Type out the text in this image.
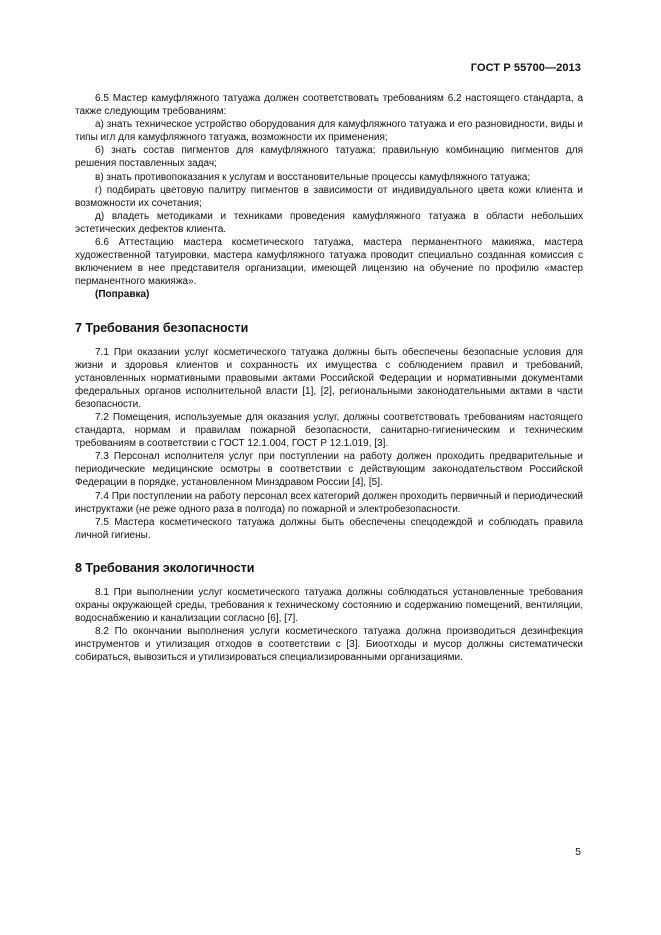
ГОСТ Р 55700—2013

6.5 Мастер камуфляжного татуажа должен соответствовать требованиям 6.2 настоящего стандарта, а также следующим требованиям:

а) знать техническое устройство оборудования для камуфляжного татуажа и его разновидности, виды и типы игл для камуфляжного татуажа, возможности их применения;

б) знать состав пигментов для камуфляжного татуажа; правильную комбинацию пигментов для решения поставленных задач;

в) знать противопоказания к услугам и восстановительные процессы камуфляжного татуажа;

г) подбирать цветовую палитру пигментов в зависимости от индивидуального цвета кожи клиента и возможности их сочетания;

д) владеть методиками и техниками проведения камуфляжного татуажа в области небольших эстетических дефектов клиента.

6.6 Аттестацию мастера косметического татуажа, мастера перманентного макияжа, мастера художественной татуировки, мастера камуфляжного татуажа проводит специально созданная комиссия с включением в нее представителя организации, имеющей лицензию на обучение по профилю «мастер перманентного макияжа».

(Поправка)

7 Требования безопасности

7.1 При оказании услуг косметического татуажа должны быть обеспечены безопасные условия для жизни и здоровья клиентов и сохранность их имущества с соблюдением правил и требований, установленных нормативными правовыми актами Российской Федерации и нормативными документами федеральных органов исполнительной власти [1], [2], региональными законодательными актами в части безопасности.

7.2 Помещения, используемые для оказания услуг, должны соответствовать требованиям настоящего стандарта, нормам и правилам пожарной безопасности, санитарно-гигиеническим и техническим требованиям в соответствии с ГОСТ 12.1.004, ГОСТ Р 12.1.019, [3].

7.3 Персонал исполнителя услуг при поступлении на работу должен проходить предварительные и периодические медицинские осмотры в соответствии с действующим законодательством Российской Федерации в порядке, установленном Минздравом России [4], [5].

7.4 При поступлении на работу персонал всех категорий должен проходить первичный и периодический инструктажи (не реже одного раза в полгода) по пожарной и электробезопасности.

7.5 Мастера косметического татуажа должны быть обеспечены спецодеждой и соблюдать правила личной гигиены.

8 Требования экологичности

8.1 При выполнении услуг косметического татуажа должны соблюдаться установленные требования охраны окружающей среды, требования к техническому состоянию и содержанию помещений, вентиляции, водоснабжению и канализации согласно [6], [7].

8.2 По окончании выполнения услуги косметического татуажа должна производиться дезинфекция инструментов и утилизация отходов в соответствии с [3]. Биоотходы и мусор должны систематически собираться, вывозиться и утилизироваться специализированными организациями.

5
